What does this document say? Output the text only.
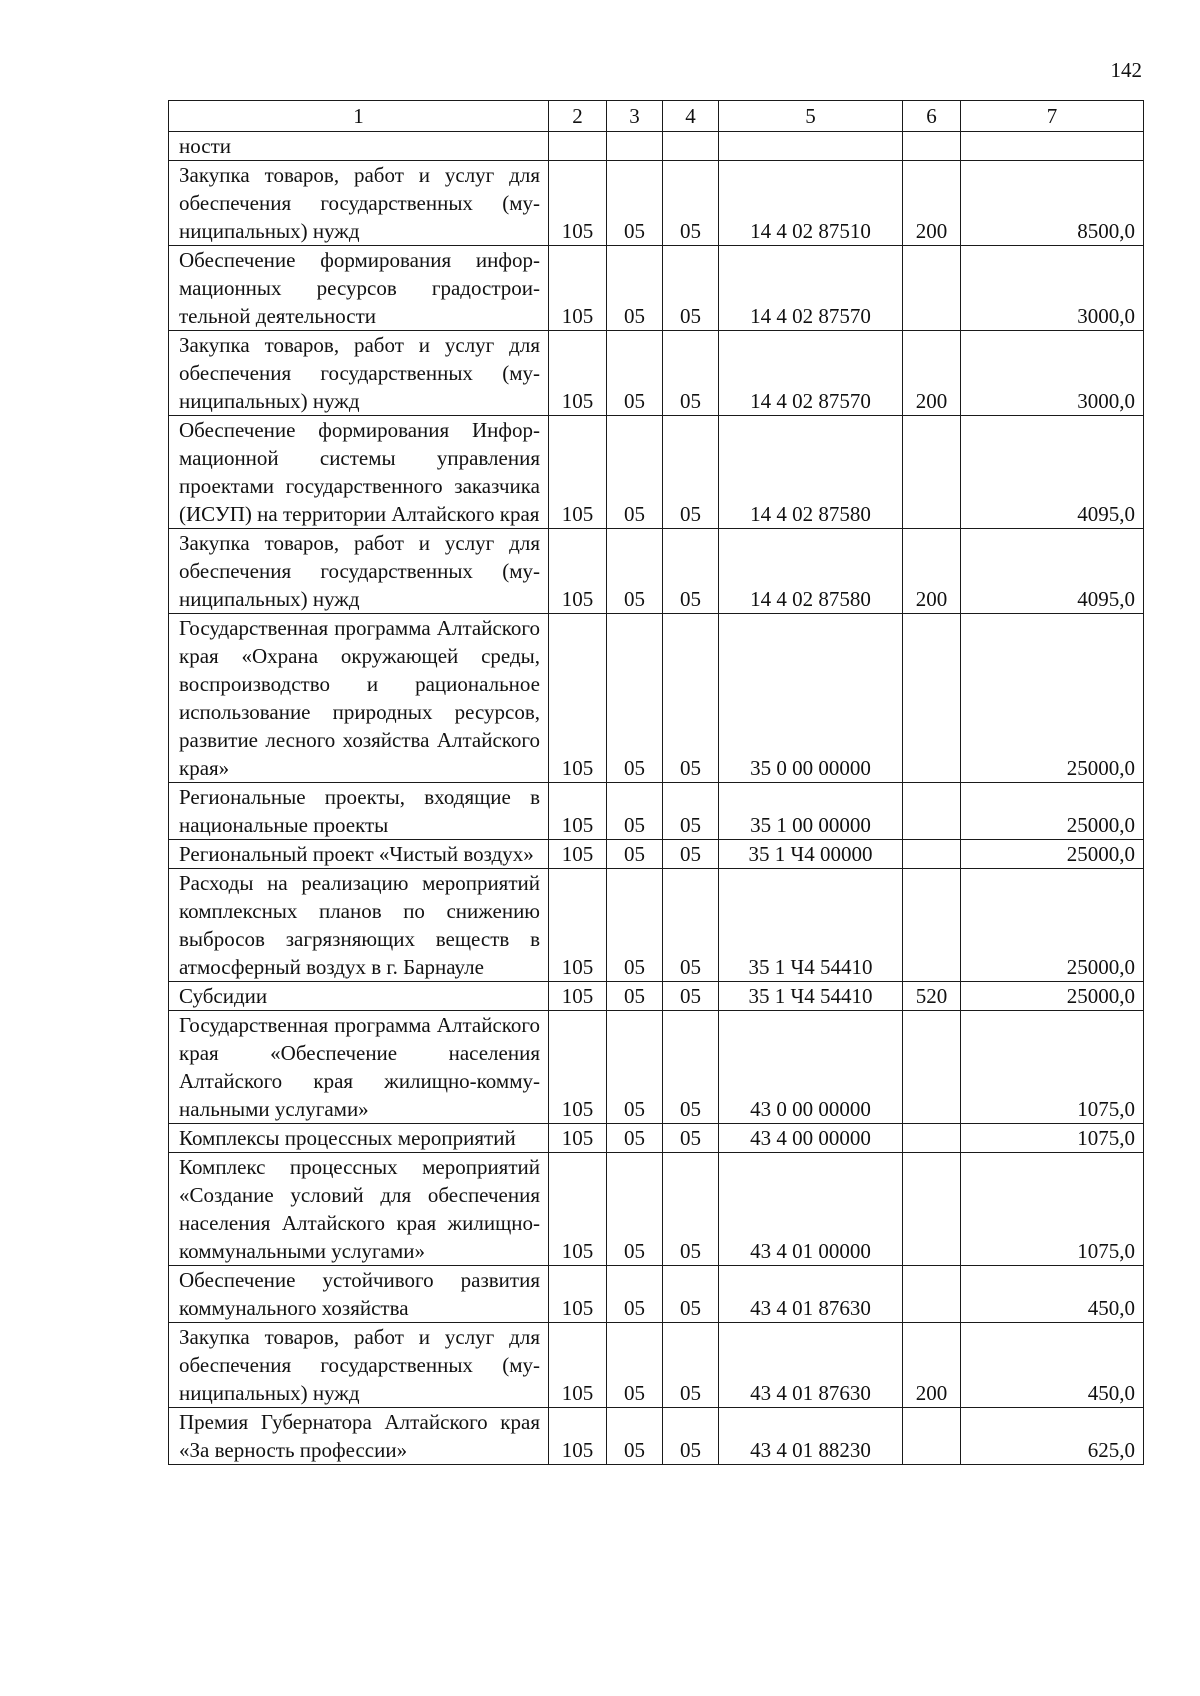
142
1	2	3	4	5	6	7
ности						
Закупка товаров, работ и услуг для обеспечения государственных (муниципальных) нужд	105	05	05	14 4 02 87510	200	8500,0
Обеспечение формирования информационных ресурсов градостроительной деятельности	105	05	05	14 4 02 87570		3000,0
Закупка товаров, работ и услуг для обеспечения государственных (муниципальных) нужд	105	05	05	14 4 02 87570	200	3000,0
Обеспечение формирования Информационной системы управления проектами государственного заказчика (ИСУП) на территории Алтайского края	105	05	05	14 4 02 87580		4095,0
Закупка товаров, работ и услуг для обеспечения государственных (муниципальных) нужд	105	05	05	14 4 02 87580	200	4095,0
Государственная программа Алтайского края «Охрана окружающей среды, воспроизводство и рациональное использование природных ресурсов, развитие лесного хозяйства Алтайского края»	105	05	05	35 0 00 00000		25000,0
Региональные проекты, входящие в национальные проекты	105	05	05	35 1 00 00000		25000,0
Региональный проект «Чистый воздух»	105	05	05	35 1 Ч4 00000		25000,0
Расходы на реализацию мероприятий комплексных планов по снижению выбросов загрязняющих веществ в атмосферный воздух в г. Барнауле	105	05	05	35 1 Ч4 54410		25000,0
Субсидии	105	05	05	35 1 Ч4 54410	520	25000,0
Государственная программа Алтайского края «Обеспечение населения Алтайского края жилищно-коммунальными услугами»	105	05	05	43 0 00 00000		1075,0
Комплексы процессных мероприятий	105	05	05	43 4 00 00000		1075,0
Комплекс процессных мероприятий «Создание условий для обеспечения населения Алтайского края жилищно-коммунальными услугами»	105	05	05	43 4 01 00000		1075,0
Обеспечение устойчивого развития коммунального хозяйства	105	05	05	43 4 01 87630		450,0
Закупка товаров, работ и услуг для обеспечения государственных (муниципальных) нужд	105	05	05	43 4 01 87630	200	450,0
Премия Губернатора Алтайского края «За верность профессии»	105	05	05	43 4 01 88230		625,0
